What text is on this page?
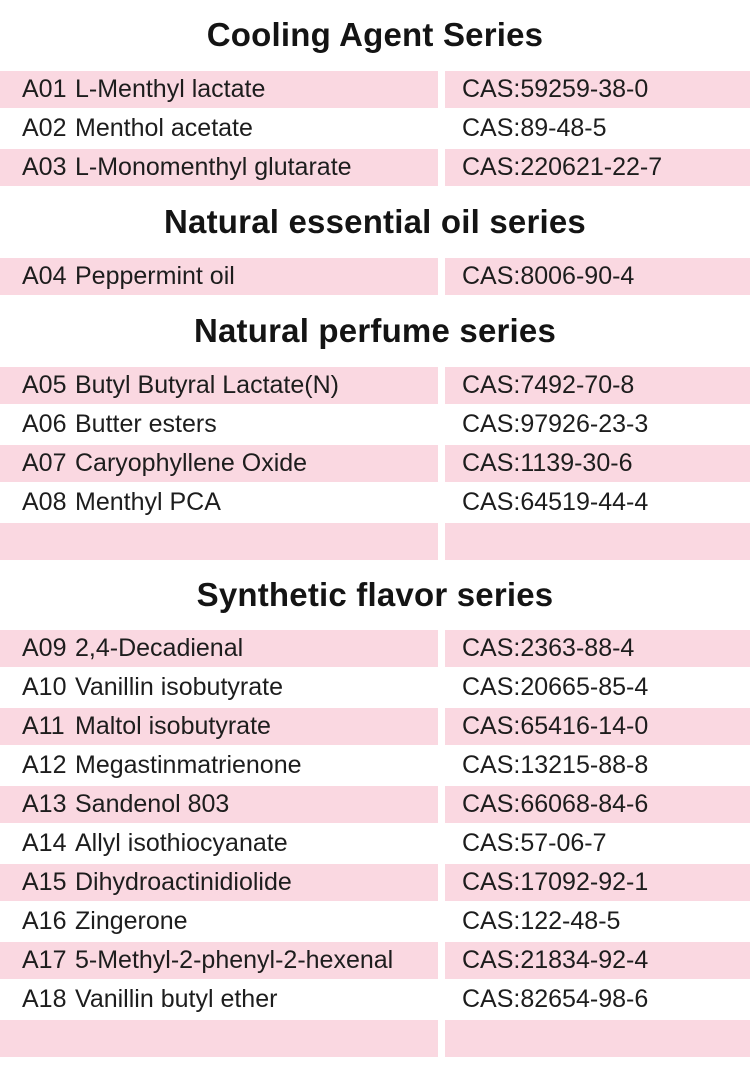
Cooling Agent Series
A01 L-Menthyl lactate	CAS:59259-38-0
A02 Menthol acetate	CAS:89-48-5
A03 L-Monomenthyl glutarate	CAS:220621-22-7
Natural essential oil series
A04 Peppermint oil	CAS:8006-90-4
Natural perfume series
A05 Butyl Butyral Lactate(N)	CAS:7492-70-8
A06 Butter esters	CAS:97926-23-3
A07 Caryophyllene Oxide	CAS:1139-30-6
A08 Menthyl PCA	CAS:64519-44-4
Synthetic flavor series
A09 2,4-Decadienal	CAS:2363-88-4
A10 Vanillin isobutyrate	CAS:20665-85-4
A11 Maltol isobutyrate	CAS:65416-14-0
A12 Megastinmatrienone	CAS:13215-88-8
A13 Sandenol 803	CAS:66068-84-6
A14 Allyl isothiocyanate	CAS:57-06-7
A15 Dihydroactinidiolide	CAS:17092-92-1
A16 Zingerone	CAS:122-48-5
A17 5-Methyl-2-phenyl-2-hexenal	CAS:21834-92-4
A18 Vanillin butyl ether	CAS:82654-98-6
